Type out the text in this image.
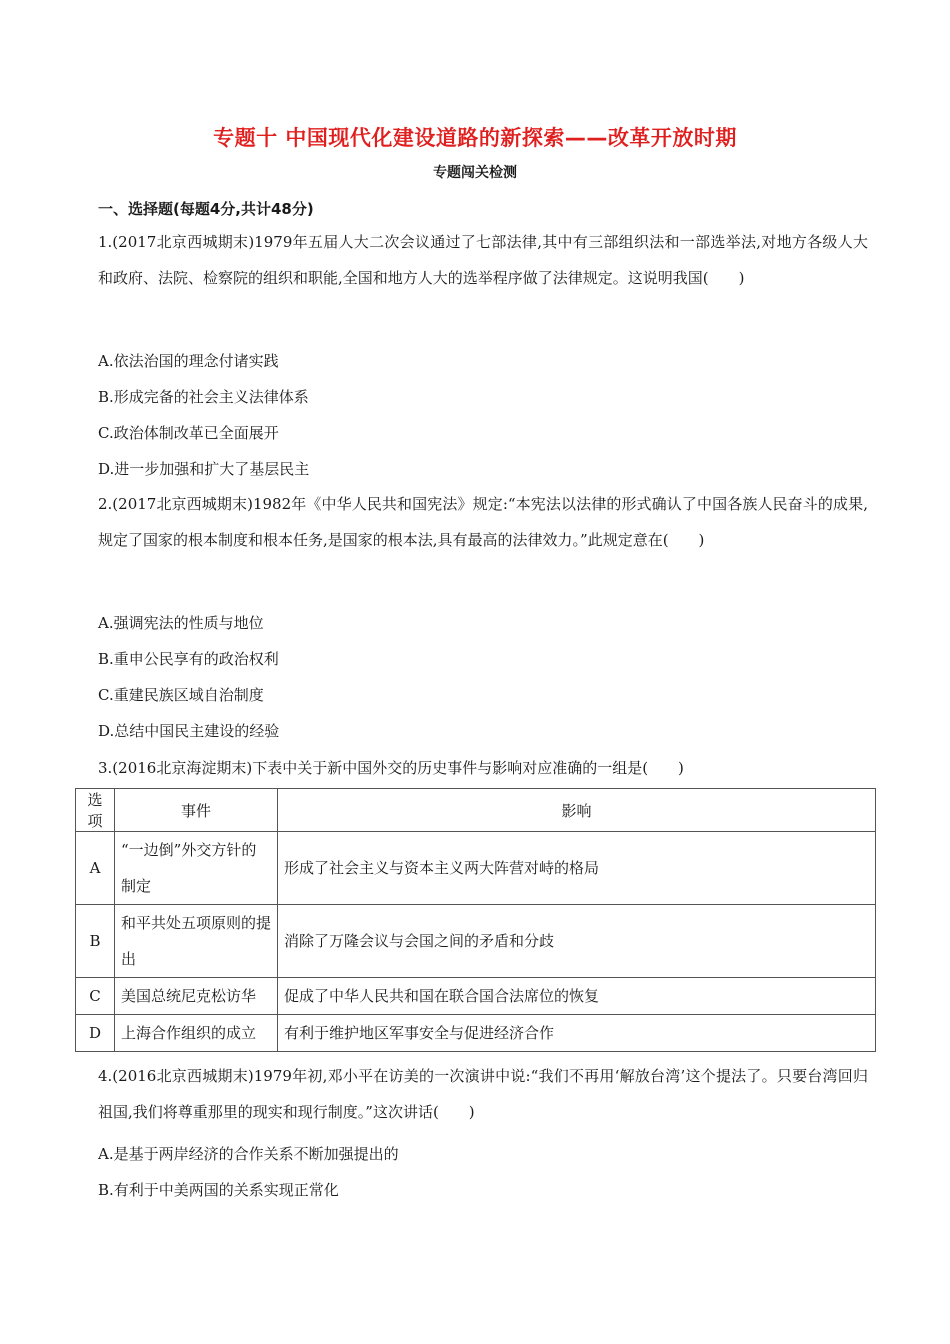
专题十 中国现代化建设道路的新探索——改革开放时期
专题闯关检测
一、选择题(每题4分,共计48分)
1.(2017北京西城期末)1979年五届人大二次会议通过了七部法律,其中有三部组织法和一部选举法,对地方各级人大和政府、法院、检察院的组织和职能,全国和地方人大的选举程序做了法律规定。这说明我国(　　)
A.依法治国的理念付诸实践
B.形成完备的社会主义法律体系
C.政治体制改革已全面展开
D.进一步加强和扩大了基层民主
2.(2017北京西城期末)1982年《中华人民共和国宪法》规定:“本宪法以法律的形式确认了中国各族人民奋斗的成果,规定了国家的根本制度和根本任务,是国家的根本法,具有最高的法律效力。”此规定意在(　　)
A.强调宪法的性质与地位
B.重申公民享有的政治权利
C.重建民族区域自治制度
D.总结中国民主建设的经验
3.(2016北京海淀期末)下表中关于新中国外交的历史事件与影响对应准确的一组是(　　)
选项	事件	影响
A	“一边倒”外交方针的制定	形成了社会主义与资本主义两大阵营对峙的格局
B	和平共处五项原则的提出	消除了万隆会议与会国之间的矛盾和分歧
C	美国总统尼克松访华	促成了中华人民共和国在联合国合法席位的恢复
D	上海合作组织的成立	有利于维护地区军事安全与促进经济合作
4.(2016北京西城期末)1979年初,邓小平在访美的一次演讲中说:“我们不再用‘解放台湾’这个提法了。只要台湾回归祖国,我们将尊重那里的现实和现行制度。”这次讲话(　　)
A.是基于两岸经济的合作关系不断加强提出的
B.有利于中美两国的关系实现正常化
